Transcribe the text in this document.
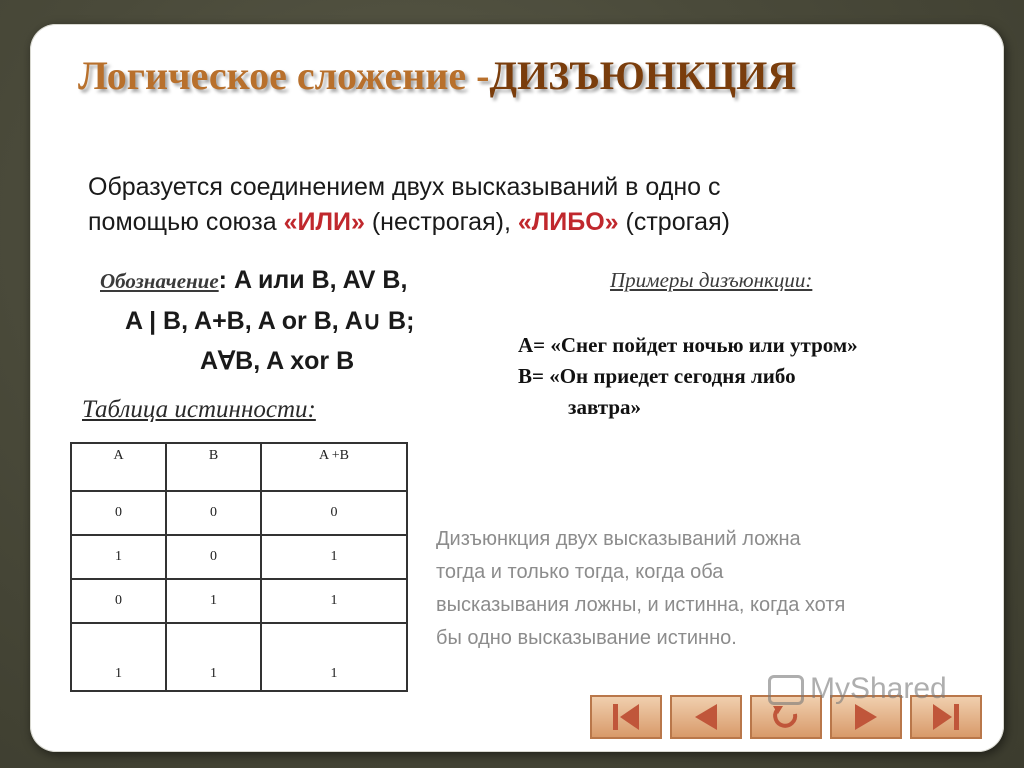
Логическое сложение -ДИЗЪЮНКЦИЯ
Образуется соединением двух высказываний в одно с
помощью союза «ИЛИ» (нестрогая), «ЛИБО» (строгая)
Обозначение: A или B, AV B,
A | B, A+B, A or B, A∪ B;
A∀B, A xor B
Примеры дизъюнкции:
A= «Снег пойдет ночью или утром»
B= «Он приедет сегодня либо
завтра»
Таблица истинности:
A	B	A +B
0	0	0
1	0	1
0	1	1
1	1	1
Дизъюнкция двух высказываний ложна
тогда и только тогда, когда оба
высказывания ложны, и истинна, когда хотя
бы одно высказывание истинно.
MyShared
